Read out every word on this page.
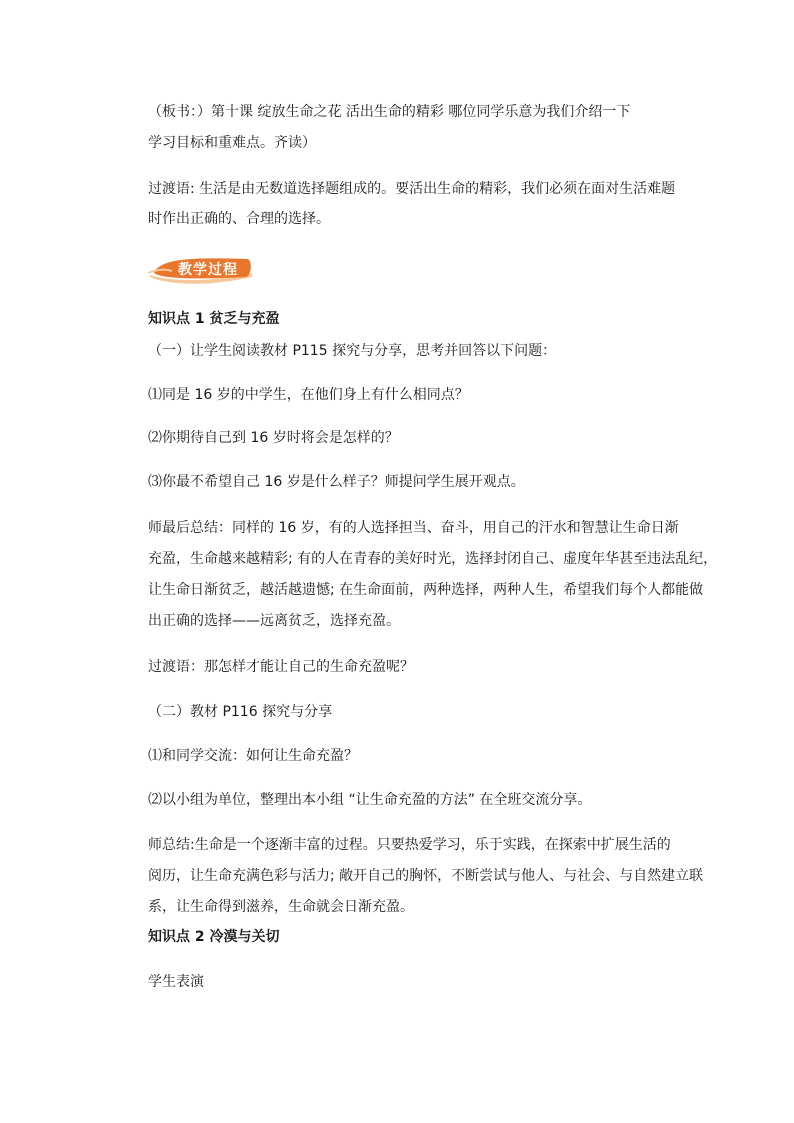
（板书：）第十课 绽放生命之花 活出生命的精彩 哪位同学乐意为我们介绍一下

学习目标和重难点。齐读）

过渡语: 生活是由无数道选择题组成的。要活出生命的精彩，我们必须在面对生活难题

时作出正确的、合理的选择。

教学过程

知识点 1 贫乏与充盈

（一）让学生阅读教材 P115 探究与分享，思考并回答以下问题：

⑴同是 16 岁的中学生，在他们身上有什么相同点？

⑵你期待自己到 16 岁时将会是怎样的？

⑶你最不希望自己 16 岁是什么样子？师提问学生展开观点。

师最后总结：同样的 16 岁，有的人选择担当、奋斗，用自己的汗水和智慧让生命日渐

充盈，生命越来越精彩; 有的人在青春的美好时光，选择封闭自己、虚度年华甚至违法乱纪，

让生命日渐贫乏，越活越遗憾; 在生命面前，两种选择，两种人生，希望我们每个人都能做

出正确的选择——远离贫乏，选择充盈。

过渡语：那怎样才能让自己的生命充盈呢？

（二）教材 P116 探究与分享

⑴和同学交流：如何让生命充盈？

⑵以小组为单位，整理出本小组 “让生命充盈的方法” 在全班交流分享。

师总结:生命是一个逐渐丰富的过程。只要热爱学习，乐于实践，在探索中扩展生活的

阅历，让生命充满色彩与活力; 敞开自己的胸怀，不断尝试与他人、与社会、与自然建立联

系，让生命得到滋养，生命就会日渐充盈。

知识点 2 冷漠与关切

学生表演
